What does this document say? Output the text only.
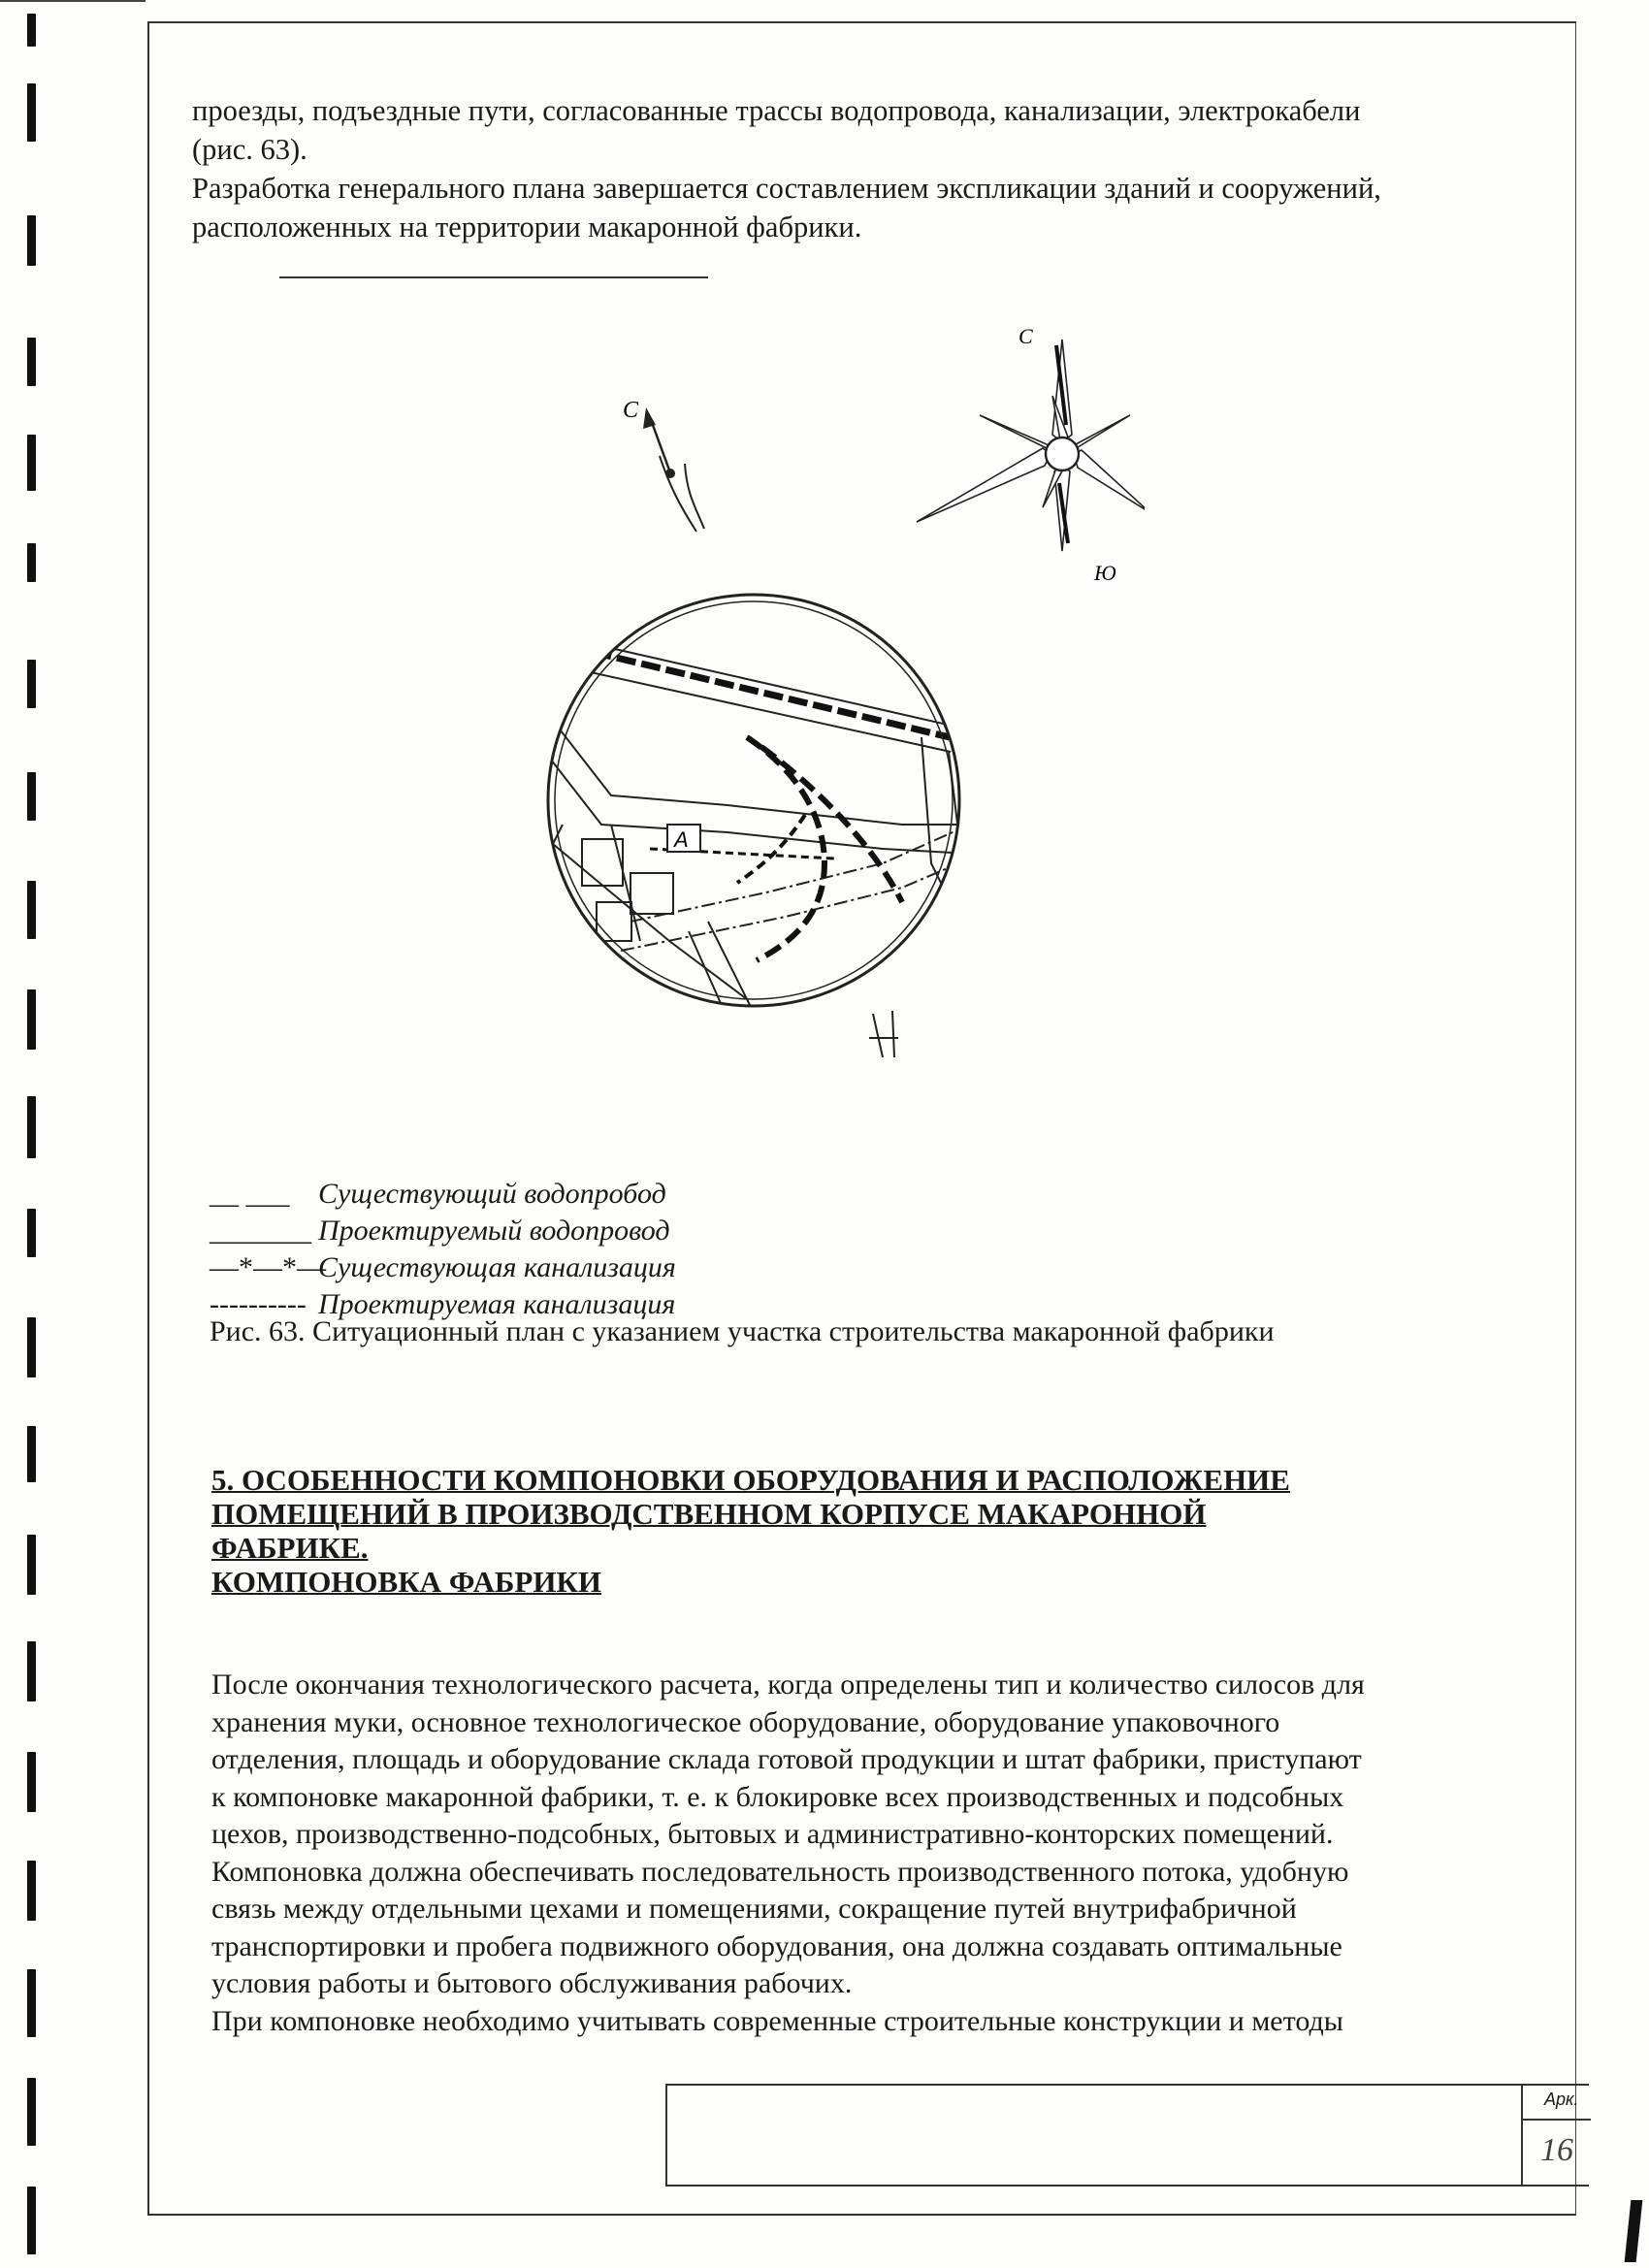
проезды, подъездные пути, согласованные трассы водопровода, канализации, электрокабели
(рис. 63).
Разработка генерального плана завершается составлением экспликации зданий и сооружений,
расположенных на территории макаронной фабрики.
С
С
Ю
А
__ ___ Существующий водопробод
_______ Проектируемый водопровод
—*—*—Существующая канализация
---------- Проектируемая канализация
Рис. 63. Ситуационный план с указанием участка строительства макаронной фабрики
5. ОСОБЕННОСТИ КОМПОНОВКИ ОБОРУДОВАНИЯ И РАСПОЛОЖЕНИЕ
ПОМЕЩЕНИЙ В ПРОИЗВОДСТВЕННОМ КОРПУСЕ МАКАРОННОЙ
ФАБРИКЕ.
КОМПОНОВКА ФАБРИКИ
После окончания технологического расчета, когда определены тип и количество силосов для
хранения муки, основное технологическое оборудование, оборудование упаковочного
отделения, площадь и оборудование склада готовой продукции и штат фабрики, приступают
к компоновке макаронной фабрики, т. е. к блокировке всех производственных и подсобных
цехов, производственно-подсобных, бытовых и административно-конторских помещений.
Компоновка должна обеспечивать последовательность производственного потока, удобную
связь между отдельными цехами и помещениями, сокращение путей внутрифабричной
транспортировки и пробега подвижного оборудования, она должна создавать оптимальные
условия работы и бытового обслуживания рабочих.
При компоновке необходимо учитывать современные строительные конструкции и методы
Арк.
16
